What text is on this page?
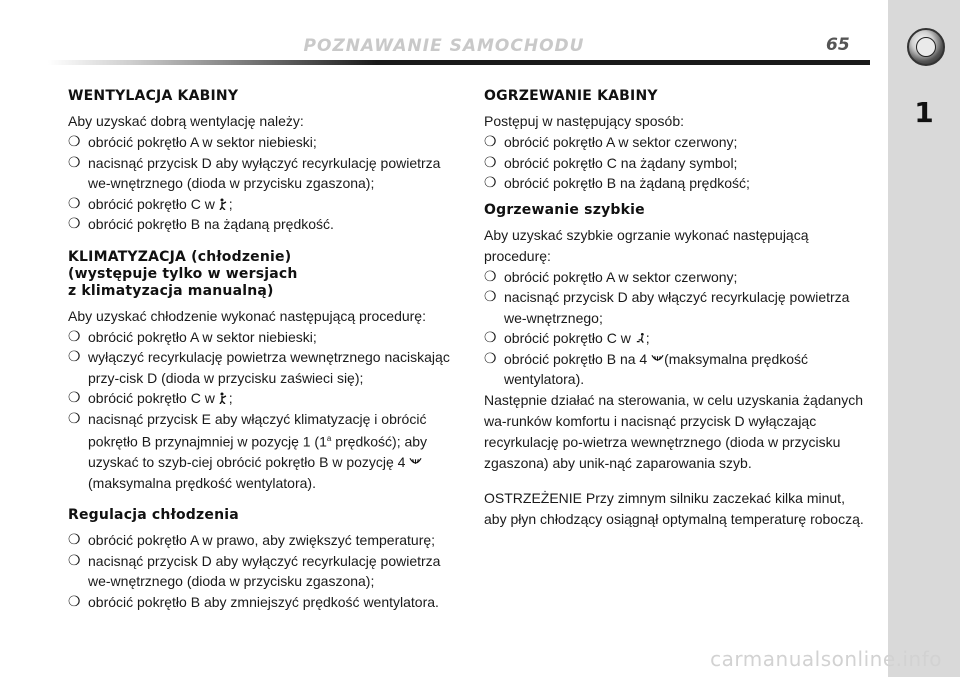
POZNAWANIE SAMOCHODU	65
1
WENTYLACJA KABINY
Aby uzyskać dobrą wentylację należy:
❍ obrócić pokrętło A w sektor niebieski;
❍ nacisnąć przycisk D aby wyłączyć recyrkulację powietrza we-wnętrznego (dioda w przycisku zgaszona);
❍ obrócić pokrętło C w ;
❍ obrócić pokrętło B na żądaną prędkość.
KLIMATYZACJA (chłodzenie)
(występuje tylko w wersjach
z klimatyzacja manualną)
Aby uzyskać chłodzenie wykonać następującą procedurę:
❍ obrócić pokrętło A w sektor niebieski;
❍ wyłączyć recyrkulację powietrza wewnętrznego naciskając przy-cisk D (dioda w przycisku zaświeci się);
❍ obrócić pokrętło C w ;
❍ nacisnąć przycisk E aby włączyć klimatyzację i obrócić pokrętło B przynajmniej w pozycję 1 (1$^a$ prędkość); aby uzyskać to szyb-ciej obrócić pokrętło B w pozycję 4  (maksymalna prędkość wentylatora).
Regulacja chłodzenia
❍ obrócić pokrętło A w prawo, aby zwiększyć temperaturę;
❍ nacisnąć przycisk D aby wyłączyć recyrkulację powietrza we-wnętrznego (dioda w przycisku zgaszona);
❍ obrócić pokrętło B aby zmniejszyć prędkość wentylatora.
OGRZEWANIE KABINY
Postępuj w następujący sposób:
❍ obrócić pokrętło A w sektor czerwony;
❍ obrócić pokrętło C na żądany symbol;
❍ obrócić pokrętło B na żądaną prędkość;
Ogrzewanie szybkie
Aby uzyskać szybkie ogrzanie wykonać następującą procedurę:
❍ obrócić pokrętło A w sektor czerwony;
❍ nacisnąć przycisk D aby włączyć recyrkulację powietrza we-wnętrznego;
❍ obrócić pokrętło C w ;
❍ obrócić pokrętło B na 4 (maksymalna prędkość wentylatora).
Następnie działać na sterowania, w celu uzyskania żądanych wa-runków komfortu i nacisnąć przycisk D wyłączając recyrkulację po-wietrza wewnętrznego (dioda w przycisku zgaszona) aby unik-nąć zaparowania szyb.
OSTRZEŻENIE Przy zimnym silniku zaczekać kilka minut, aby płyn chłodzący osiągnął optymalną temperaturę roboczą.
carmanualsonline.info
